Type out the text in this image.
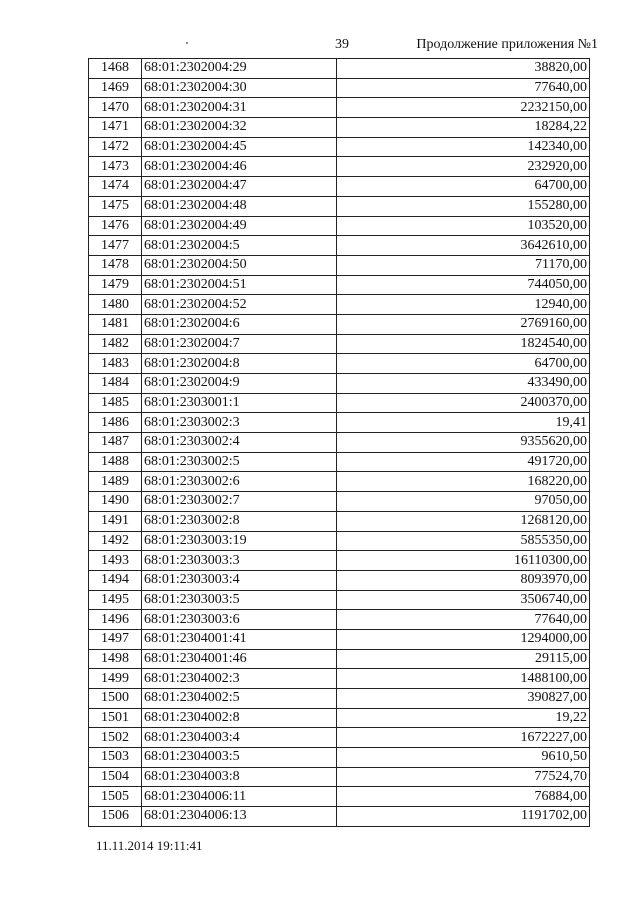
39	Продолжение приложения №1
1468	68:01:2302004:29	38820,00
1469	68:01:2302004:30	77640,00
1470	68:01:2302004:31	2232150,00
1471	68:01:2302004:32	18284,22
1472	68:01:2302004:45	142340,00
1473	68:01:2302004:46	232920,00
1474	68:01:2302004:47	64700,00
1475	68:01:2302004:48	155280,00
1476	68:01:2302004:49	103520,00
1477	68:01:2302004:5	3642610,00
1478	68:01:2302004:50	71170,00
1479	68:01:2302004:51	744050,00
1480	68:01:2302004:52	12940,00
1481	68:01:2302004:6	2769160,00
1482	68:01:2302004:7	1824540,00
1483	68:01:2302004:8	64700,00
1484	68:01:2302004:9	433490,00
1485	68:01:2303001:1	2400370,00
1486	68:01:2303002:3	19,41
1487	68:01:2303002:4	9355620,00
1488	68:01:2303002:5	491720,00
1489	68:01:2303002:6	168220,00
1490	68:01:2303002:7	97050,00
1491	68:01:2303002:8	1268120,00
1492	68:01:2303003:19	5855350,00
1493	68:01:2303003:3	16110300,00
1494	68:01:2303003:4	8093970,00
1495	68:01:2303003:5	3506740,00
1496	68:01:2303003:6	77640,00
1497	68:01:2304001:41	1294000,00
1498	68:01:2304001:46	29115,00
1499	68:01:2304002:3	1488100,00
1500	68:01:2304002:5	390827,00
1501	68:01:2304002:8	19,22
1502	68:01:2304003:4	1672227,00
1503	68:01:2304003:5	9610,50
1504	68:01:2304003:8	77524,70
1505	68:01:2304006:11	76884,00
1506	68:01:2304006:13	1191702,00
11.11.2014 19:11:41
